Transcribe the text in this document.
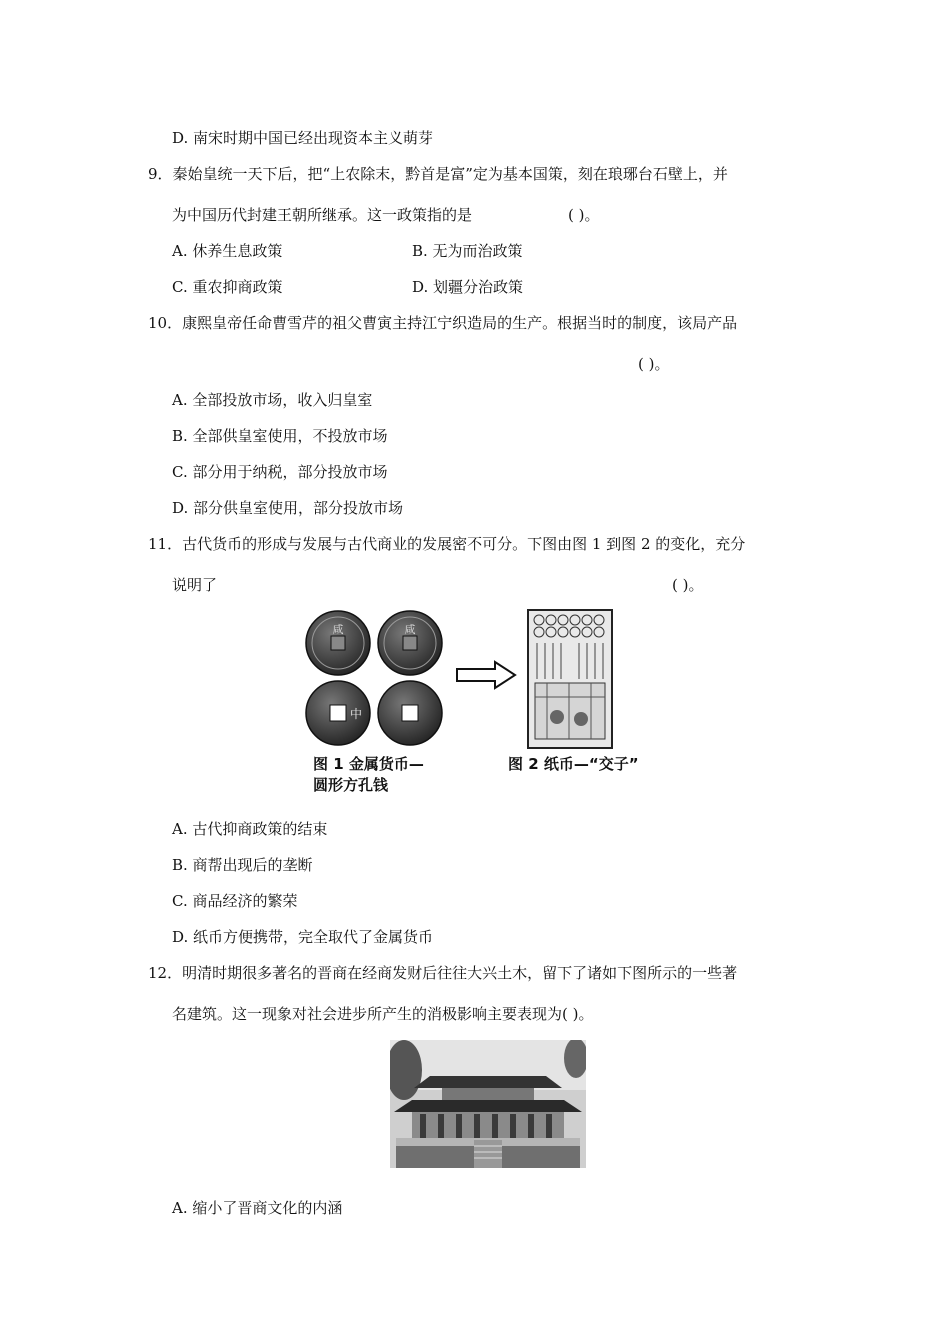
D. 南宋时期中国已经出现资本主义萌芽
9．秦始皇统一天下后，把“上农除末，黔首是富”定为基本国策，刻在琅琊台石壁上，并
为中国历代封建王朝所继承。这一政策指的是	( )。
A. 休养生息政策	B. 无为而治政策
C. 重农抑商政策	D. 划疆分治政策
10．康熙皇帝任命曹雪芹的祖父曹寅主持江宁织造局的生产。根据当时的制度，该局产品
( )。
A. 全部投放市场，收入归皇室
B. 全部供皇室使用，不投放市场
C. 部分用于纳税，部分投放市场
D. 部分供皇室使用，部分投放市场
11．古代货币的形成与发展与古代商业的发展密不可分。下图由图 1 到图 2 的变化，充分
说明了	( )。
咸	咸
中
图 1 金属货币—
圆形方孔钱
图 2 纸币—“交子”
A. 古代抑商政策的结束
B. 商帮出现后的垄断
C. 商品经济的繁荣
D. 纸币方便携带，完全取代了金属货币
12．明清时期很多著名的晋商在经商发财后往往大兴土木，留下了诸如下图所示的一些著
名建筑。这一现象对社会进步所产生的消极影响主要表现为( )。
A. 缩小了晋商文化的内涵
